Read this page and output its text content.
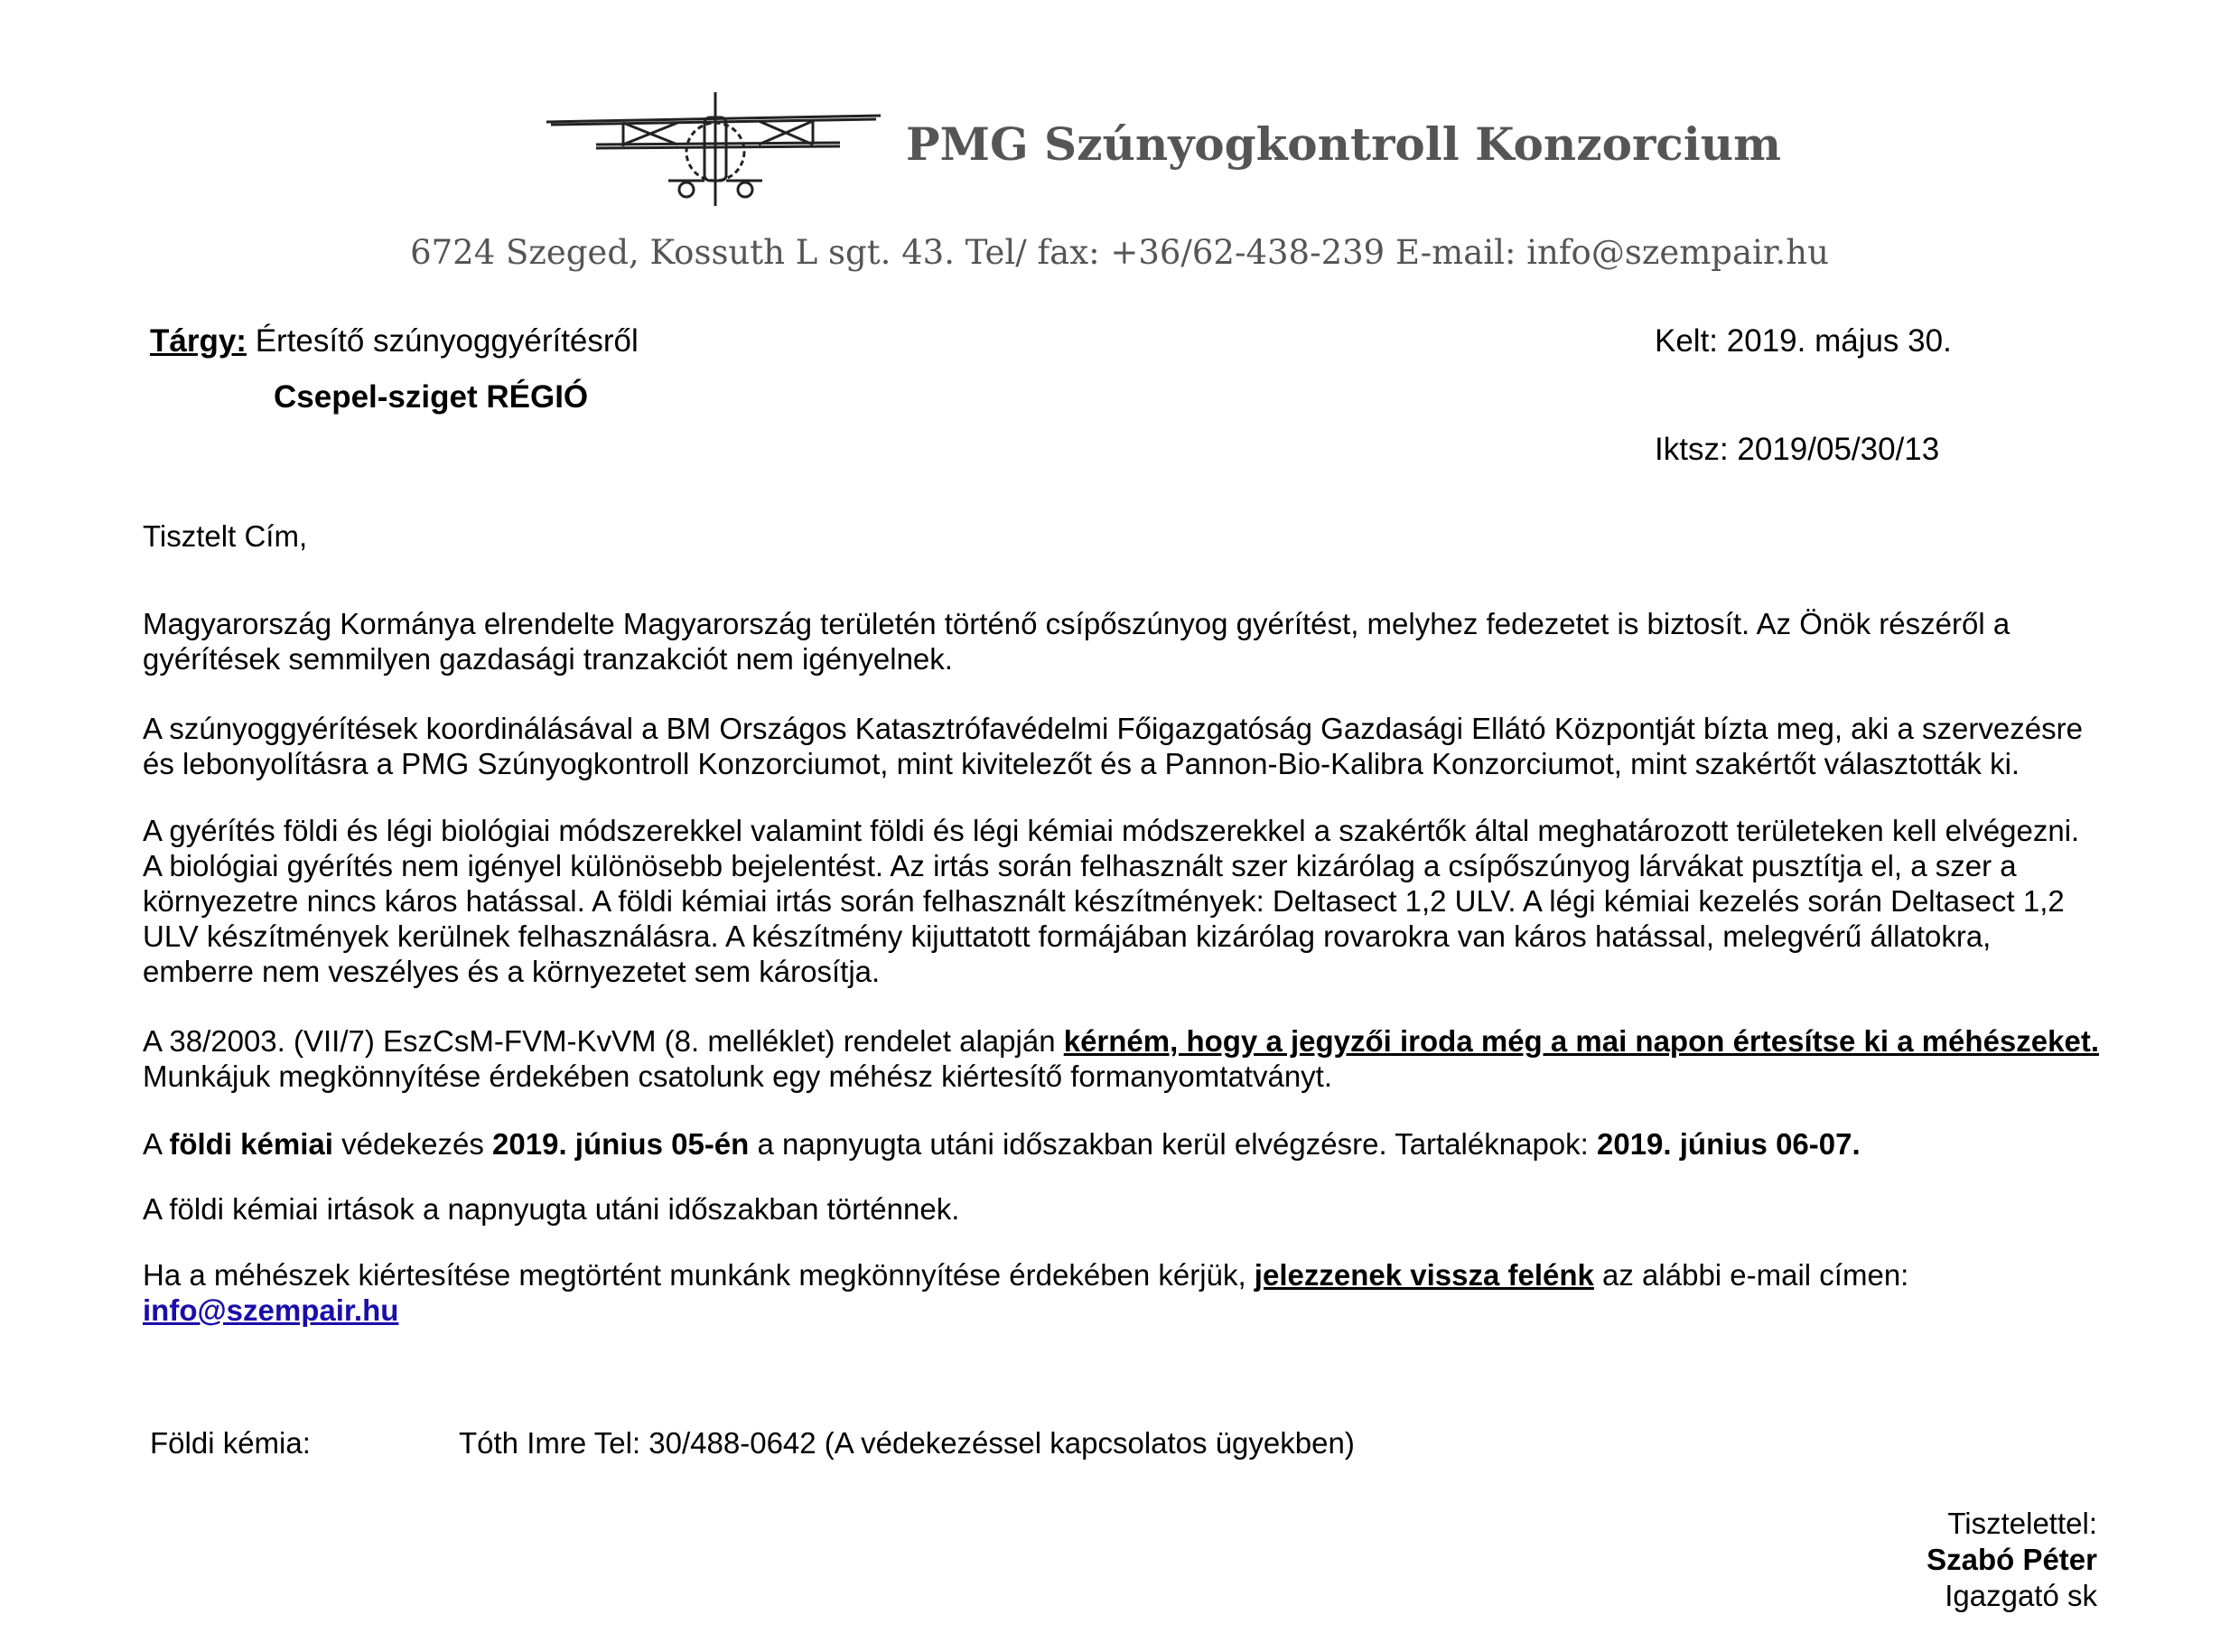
PMG Szúnyogkontroll Konzorcium
6724 Szeged, Kossuth L sgt. 43. Tel/ fax: +36/62-438-239 E-mail: info@szempair.hu
Tárgy: Értesítő szúnyoggyérítésről
Csepel-sziget RÉGIÓ
Kelt: 2019. május 30.
Iktsz: 2019/05/30/13
Tisztelt Cím,
Magyarország Kormánya elrendelte Magyarország területén történő csípőszúnyog gyérítést, melyhez fedezetet is biztosít. Az Önök részéről a gyérítések semmilyen gazdasági tranzakciót nem igényelnek.
A szúnyoggyérítések koordinálásával a BM Országos Katasztrófavédelmi Főigazgatóság Gazdasági Ellátó Központját bízta meg, aki a szervezésre és lebonyolításra a PMG Szúnyogkontroll Konzorciumot, mint kivitelezőt és a Pannon-Bio-Kalibra Konzorciumot, mint szakértőt választották ki.
A gyérítés földi és légi biológiai módszerekkel valamint földi és légi kémiai módszerekkel a szakértők által meghatározott területeken kell elvégezni. A biológiai gyérítés nem igényel különösebb bejelentést. Az irtás során felhasznált szer kizárólag a csípőszúnyog lárvákat pusztítja el, a szer a környezetre nincs káros hatással. A földi kémiai irtás során felhasznált készítmények: Deltasect 1,2 ULV. A légi kémiai kezelés során Deltasect 1,2 ULV készítmények kerülnek felhasználásra. A készítmény kijuttatott formájában kizárólag rovarokra van káros hatással, melegvérű állatokra, emberre nem veszélyes és a környezetet sem károsítja.
A 38/2003. (VII/7) EszCsM-FVM-KvVM (8. melléklet) rendelet alapján kérném, hogy a jegyzői iroda még a mai napon értesítse ki a méhészeket. Munkájuk megkönnyítése érdekében csatolunk egy méhész kiértesítő formanyomtatványt.
A földi kémiai védekezés 2019. június 05-én a napnyugta utáni időszakban kerül elvégzésre. Tartaléknapok: 2019. június 06-07.
A földi kémiai irtások a napnyugta utáni időszakban történnek.
Ha a méhészek kiértesítése megtörtént munkánk megkönnyítése érdekében kérjük, jelezzenek vissza felénk az alábbi e-mail címen:
info@szempair.hu
Földi kémia:	Tóth Imre Tel: 30/488-0642 (A védekezéssel kapcsolatos ügyekben)
Tisztelettel:
Szabó Péter
Igazgató sk
